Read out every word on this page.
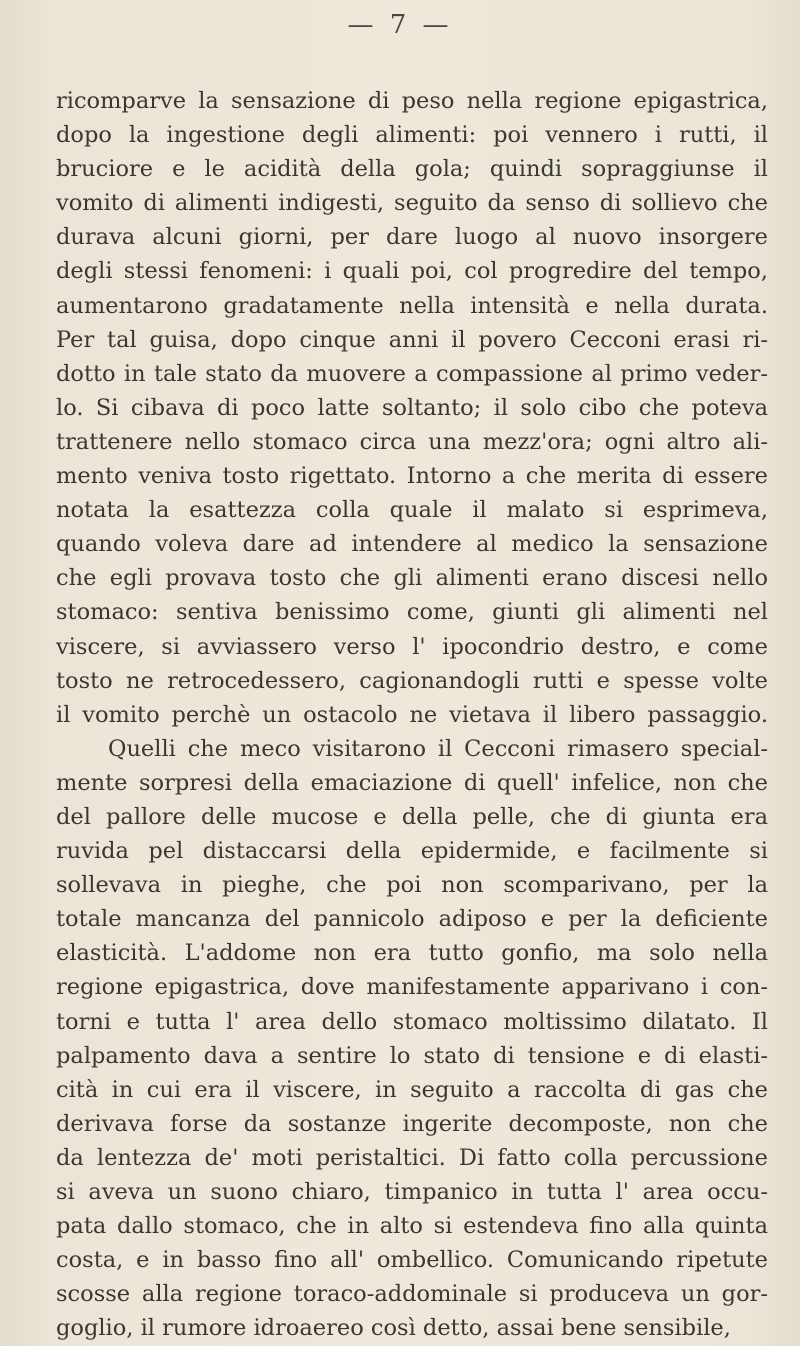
— 7 —
ricomparve la sensazione di peso nella regione epigastrica,
dopo la ingestione degli alimenti: poi vennero i rutti, il
bruciore e le acidità della gola; quindi sopraggiunse il
vomito di alimenti indigesti, seguito da senso di sollievo che
durava alcuni giorni, per dare luogo al nuovo insorgere
degli stessi fenomeni: i quali poi, col progredire del tempo,
aumentarono gradatamente nella intensità e nella durata.
Per tal guisa, dopo cinque anni il povero Cecconi erasi ri-
dotto in tale stato da muovere a compassione al primo veder-
lo. Si cibava di poco latte soltanto; il solo cibo che poteva
trattenere nello stomaco circa una mezz'ora; ogni altro ali-
mento veniva tosto rigettato. Intorno a che merita di essere
notata la esattezza colla quale il malato si esprimeva,
quando voleva dare ad intendere al medico la sensazione
che egli provava tosto che gli alimenti erano discesi nello
stomaco: sentiva benissimo come, giunti gli alimenti nel
viscere, si avviassero verso l' ipocondrio destro, e come
tosto ne retrocedessero, cagionandogli rutti e spesse volte
il vomito perchè un ostacolo ne vietava il libero passaggio.
Quelli che meco visitarono il Cecconi rimasero special-
mente sorpresi della emaciazione di quell' infelice, non che
del pallore delle mucose e della pelle, che di giunta era
ruvida pel distaccarsi della epidermide, e facilmente si
sollevava in pieghe, che poi non scomparivano, per la
totale mancanza del pannicolo adiposo e per la deficiente
elasticità. L'addome non era tutto gonfio, ma solo nella
regione epigastrica, dove manifestamente apparivano i con-
torni e tutta l' area dello stomaco moltissimo dilatato. Il
palpamento dava a sentire lo stato di tensione e di elasti-
cità in cui era il viscere, in seguito a raccolta di gas che
derivava forse da sostanze ingerite decomposte, non che
da lentezza de' moti peristaltici. Di fatto colla percussione
si aveva un suono chiaro, timpanico in tutta l' area occu-
pata dallo stomaco, che in alto si estendeva fino alla quinta
costa, e in basso fino all' ombellico. Comunicando ripetute
scosse alla regione toraco-addominale si produceva un gor-
goglio, il rumore idroaereo così detto, assai bene sensibile,
